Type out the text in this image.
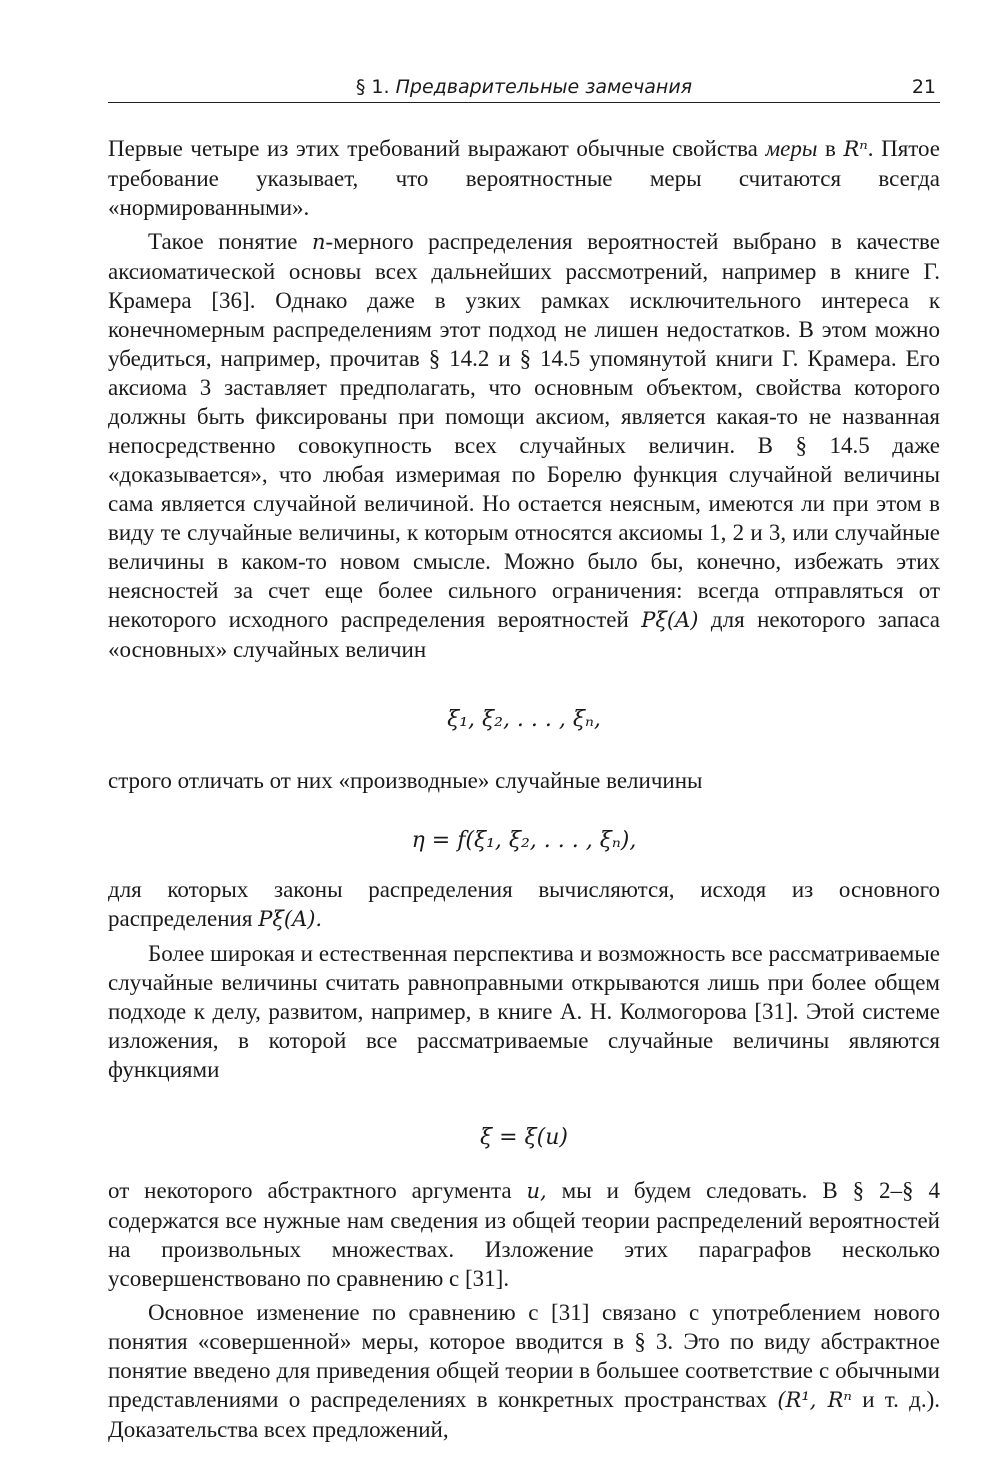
§ 1. Предварительные замечания	21

Первые четыре из этих требований выражают обычные свойства меры в Rⁿ. Пятое требование указывает, что вероятностные меры считаются всегда «нормированными».

Такое понятие n-мерного распределения вероятностей выбрано в качестве аксиоматической основы всех дальнейших рассмотрений, например в книге Г. Крамера [36]. Однако даже в узких рамках исключительного интереса к конечномерным распределениям этот подход не лишен недостатков. В этом можно убедиться, например, прочитав § 14.2 и § 14.5 упомянутой книги Г. Крамера. Его аксиома 3 заставляет предполагать, что основным объектом, свойства которого должны быть фиксированы при помощи аксиом, является какая-то не названная непосредственно совокупность всех случайных величин. В § 14.5 даже «доказывается», что любая измеримая по Борелю функция случайной величины сама является случайной величиной. Но остается неясным, имеются ли при этом в виду те случайные величины, к которым относятся аксиомы 1, 2 и 3, или случайные величины в каком-то новом смысле. Можно было бы, конечно, избежать этих неясностей за счет еще более сильного ограничения: всегда отправляться от некоторого исходного распределения вероятностей Pξ(A) для некоторого запаса «основных» случайных величин

ξ₁, ξ₂, . . . , ξₙ,

строго отличать от них «производные» случайные величины

η = f(ξ₁, ξ₂, . . . , ξₙ),

для которых законы распределения вычисляются, исходя из основного распределения Pξ(A).

Более широкая и естественная перспектива и возможность все рассматриваемые случайные величины считать равноправными открываются лишь при более общем подходе к делу, развитом, например, в книге А. Н. Колмогорова [31]. Этой системе изложения, в которой все рассматриваемые случайные величины являются функциями

ξ = ξ(u)

от некоторого абстрактного аргумента u, мы и будем следовать. В § 2–§ 4 содержатся все нужные нам сведения из общей теории распределений вероятностей на произвольных множествах. Изложение этих параграфов несколько усовершенствовано по сравнению с [31].

Основное изменение по сравнению с [31] связано с употреблением нового понятия «совершенной» меры, которое вводится в § 3. Это по виду абстрактное понятие введено для приведения общей теории в большее соответствие с обычными представлениями о распределениях в конкретных пространствах (R¹, Rⁿ и т. д.). Доказательства всех предложений,
